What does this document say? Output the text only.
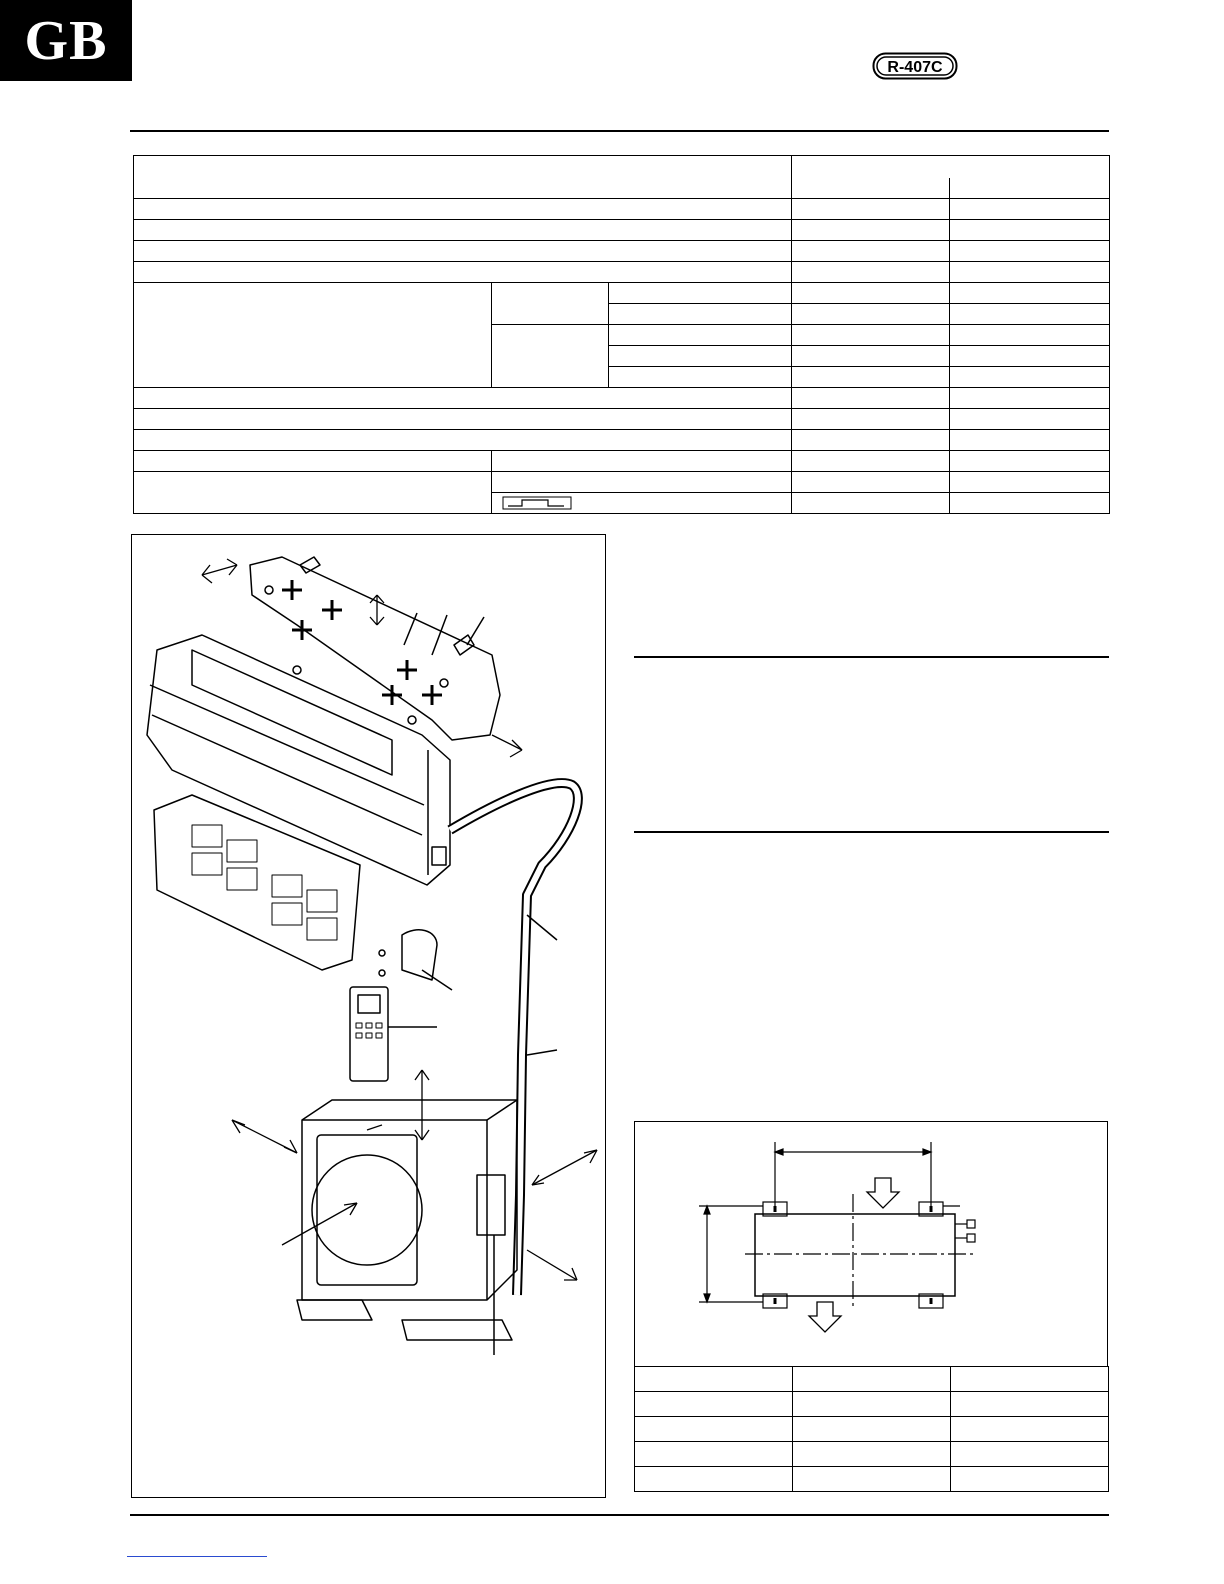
R-407C
GB
